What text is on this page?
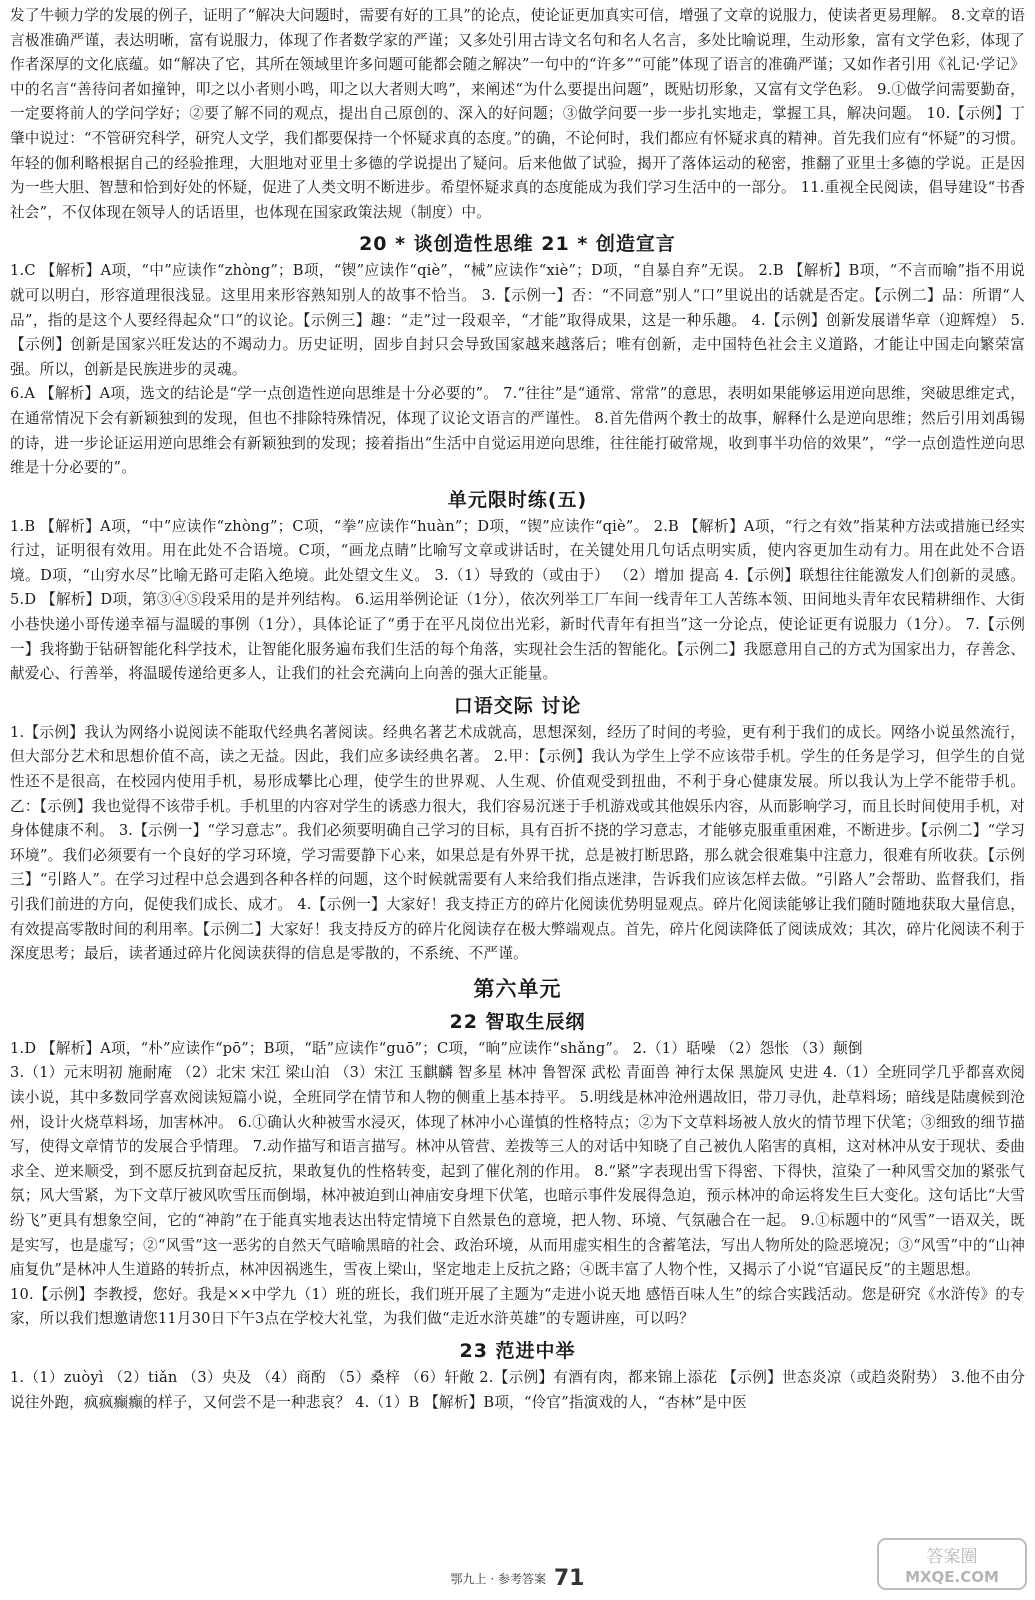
发了牛顿力学的发展的例子，证明了“解决大问题时，需要有好的工具”的论点，使论证更加真实可信，增强了文章的说服力，使读者更易理解。 8.文章的语言极准确严谨，表达明晰，富有说服力，体现了作者数学家的严谨；又多处引用古诗文名句和名人名言，多处比喻说理，生动形象，富有文学色彩，体现了作者深厚的文化底蕴。如“解决了它，其所在领域里许多问题可能都会随之解决”一句中的“许多”“可能”体现了语言的准确严谨；又如作者引用《礼记·学记》中的名言“善待问者如撞钟，叩之以小者则小鸣，叩之以大者则大鸣”，来阐述“为什么要提出问题”，既贴切形象，又富有文学色彩。 9.①做学问需要勤奋，一定要将前人的学问学好；②要了解不同的观点，提出自己原创的、深入的好问题；③做学问要一步一步扎实地走，掌握工具，解决问题。 10.【示例】丁肇中说过：“不管研究科学，研究人文学，我们都要保持一个怀疑求真的态度。”的确，不论何时，我们都应有怀疑求真的精神。首先我们应有“怀疑”的习惯。年轻的伽利略根据自己的经验推理，大胆地对亚里士多德的学说提出了疑问。后来他做了试验，揭开了落体运动的秘密，推翻了亚里士多德的学说。正是因为一些大胆、智慧和恰到好处的怀疑，促进了人类文明不断进步。希望怀疑求真的态度能成为我们学习生活中的一部分。 11.重视全民阅读，倡导建设“书香社会”，不仅体现在领导人的话语里，也体现在国家政策法规（制度）中。

20 * 谈创造性思维 21 * 创造宣言

1.C 【解析】A项，“中”应读作“zhòng”；B项，“锲”应读作“qiè”，“械”应读作“xiè”；D项，“自暴自弃”无误。 2.B 【解析】B项，“不言而喻”指不用说就可以明白，形容道理很浅显。这里用来形容熟知别人的故事不恰当。 3.【示例一】否：“不同意”别人“口”里说出的话就是否定。【示例二】品：所谓“人品”，指的是这个人要经得起众“口”的议论。【示例三】趣：“走”过一段艰辛，“才能”取得成果，这是一种乐趣。 4.【示例】创新发展谱华章（迎辉煌） 5.【示例】创新是国家兴旺发达的不竭动力。历史证明，固步自封只会导致国家越来越落后；唯有创新，走中国特色社会主义道路，才能让中国走向繁荣富强。所以，创新是民族进步的灵魂。
6.A 【解析】A项，选文的结论是“学一点创造性逆向思维是十分必要的”。 7.“往往”是“通常、常常”的意思，表明如果能够运用逆向思维，突破思维定式，在通常情况下会有新颖独到的发现，但也不排除特殊情况，体现了议论文语言的严谨性。 8.首先借两个教士的故事，解释什么是逆向思维；然后引用刘禹锡的诗，进一步论证运用逆向思维会有新颖独到的发现；接着指出“生活中自觉运用逆向思维，往往能打破常规，收到事半功倍的效果”，“学一点创造性逆向思维是十分必要的”。

单元限时练(五)

1.B 【解析】A项，“中”应读作“zhòng”；C项，“拳”应读作“huàn”；D项，“锲”应读作“qiè”。 2.B 【解析】A项，“行之有效”指某种方法或措施已经实行过，证明很有效用。用在此处不合语境。C项，“画龙点睛”比喻写文章或讲话时，在关键处用几句话点明实质，使内容更加生动有力。用在此处不合语境。D项，“山穷水尽”比喻无路可走陷入绝境。此处望文生义。 3.（1）导致的（或由于） （2）增加 提高 4.【示例】联想往往能激发人们创新的灵感。 5.D 【解析】D项，第③④⑤段采用的是并列结构。 6.运用举例论证（1分），依次列举工厂车间一线青年工人苦练本领、田间地头青年农民精耕细作、大街小巷快递小哥传递幸福与温暖的事例（1分），具体论证了“勇于在平凡岗位出光彩，新时代青年有担当”这一分论点，使论证更有说服力（1分）。 7.【示例一】我将勤于钻研智能化科学技术，让智能化服务遍布我们生活的每个角落，实现社会生活的智能化。【示例二】我愿意用自己的方式为国家出力，存善念、献爱心、行善举，将温暖传递给更多人，让我们的社会充满向上向善的强大正能量。

口语交际 讨论

1.【示例】我认为网络小说阅读不能取代经典名著阅读。经典名著艺术成就高，思想深刻，经历了时间的考验，更有利于我们的成长。网络小说虽然流行，但大部分艺术和思想价值不高，读之无益。因此，我们应多读经典名著。 2.甲：【示例】我认为学生上学不应该带手机。学生的任务是学习，但学生的自觉性还不是很高，在校园内使用手机，易形成攀比心理，使学生的世界观、人生观、价值观受到扭曲，不利于身心健康发展。所以我认为上学不能带手机。 乙：【示例】我也觉得不该带手机。手机里的内容对学生的诱惑力很大，我们容易沉迷于手机游戏或其他娱乐内容，从而影响学习，而且长时间使用手机，对身体健康不利。 3.【示例一】“学习意志”。我们必须要明确自己学习的目标，具有百折不挠的学习意志，才能够克服重重困难，不断进步。【示例二】“学习环境”。我们必须要有一个良好的学习环境，学习需要静下心来，如果总是有外界干扰，总是被打断思路，那么就会很难集中注意力，很难有所收获。【示例三】“引路人”。在学习过程中总会遇到各种各样的问题，这个时候就需要有人来给我们指点迷津，告诉我们应该怎样去做。“引路人”会帮助、监督我们，指引我们前进的方向，促使我们成长、成才。 4.【示例一】大家好！我支持正方的碎片化阅读优势明显观点。碎片化阅读能够让我们随时随地获取大量信息，有效提高零散时间的利用率。【示例二】大家好！我支持反方的碎片化阅读存在极大弊端观点。首先，碎片化阅读降低了阅读成效；其次，碎片化阅读不利于深度思考；最后，读者通过碎片化阅读获得的信息是零散的，不系统、不严谨。

第六单元
22 智取生辰纲

1.D 【解析】A项，“朴”应读作“pō”；B项，“聒”应读作“guō”；C项，“晌”应读作“shǎng”。 2.（1）聒噪 （2）怨怅 （3）颠倒
3.（1）元末明初 施耐庵 （2）北宋 宋江 梁山泊 （3）宋江 玉麒麟 智多星 林冲 鲁智深 武松 青面兽 神行太保 黑旋风 史进 4.（1）全班同学几乎都喜欢阅读小说，其中多数同学喜欢阅读短篇小说，全班同学在情节和人物的侧重上基本持平。 5.明线是林冲沧州遇故旧，带刀寻仇，赴草料场；暗线是陆虞候到沧州，设计火烧草料场，加害林冲。 6.①确认火种被雪水浸灭，体现了林冲小心谨慎的性格特点；②为下文草料场被人放火的情节埋下伏笔；③细致的细节描写，使得文章情节的发展合乎情理。 7.动作描写和语言描写。林冲从管营、差拨等三人的对话中知晓了自己被仇人陷害的真相，这对林冲从安于现状、委曲求全、逆来顺受，到不愿反抗到奋起反抗，果敢复仇的性格转变，起到了催化剂的作用。 8.“紧”字表现出雪下得密、下得快，渲染了一种风雪交加的紧张气氛；风大雪紧，为下文草厅被风吹雪压而倒塌，林冲被迫到山神庙安身埋下伏笔，也暗示事件发展得急迫，预示林冲的命运将发生巨大变化。这句话比“大雪纷飞”更具有想象空间，它的“神韵”在于能真实地表达出特定情境下自然景色的意境，把人物、环境、气氛融合在一起。 9.①标题中的“风雪”一语双关，既是实写，也是虚写；②“风雪”这一恶劣的自然天气暗喻黑暗的社会、政治环境，从而用虚实相生的含蓄笔法，写出人物所处的险恶境况；③“风雪”中的“山神庙复仇”是林冲人生道路的转折点，林冲因祸逃生，雪夜上梁山，坚定地走上反抗之路；④既丰富了人物个性，又揭示了小说“官逼民反”的主题思想。
10.【示例】李教授，您好。我是××中学九（1）班的班长，我们班开展了主题为“走进小说天地 感悟百味人生”的综合实践活动。您是研究《水浒传》的专家，所以我们想邀请您11月30日下午3点在学校大礼堂，为我们做“走近水浒英雄”的专题讲座，可以吗？

23 范进中举

1.（1）zuòyì （2）tiǎn （3）央及 （4）商酌 （5）桑梓 （6）轩敞 2.【示例】有酒有肉，都来锦上添花 【示例】世态炎凉（或趋炎附势） 3.他不由分说往外跑，疯疯癫癫的样子，又何尝不是一种悲哀？ 4.（1）B 【解析】B项，“伶官”指演戏的人，“杏林”是中医

鄂九上 · 参考答案 71
答案圈
MXQE.COM
